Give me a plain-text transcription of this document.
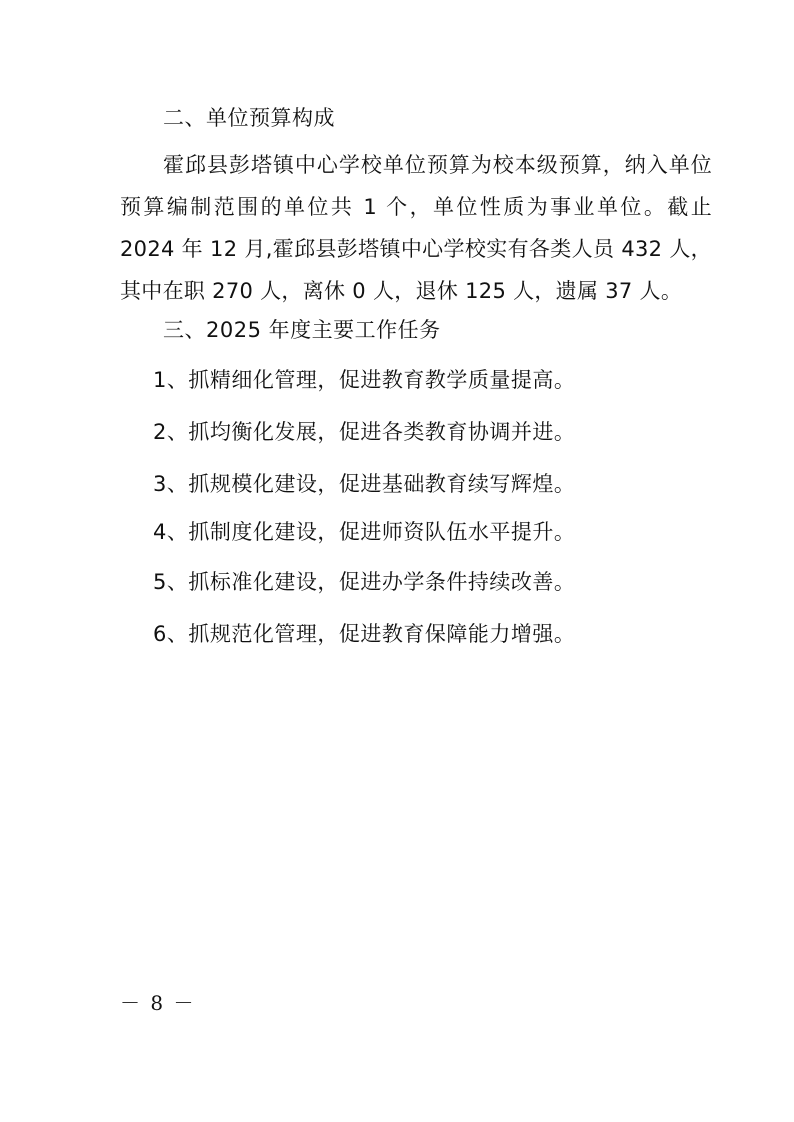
二、单位预算构成
霍邱县彭塔镇中心学校单位预算为校本级预算，纳入单位预算编制范围的单位共 1 个，单位性质为事业单位。截止 2024 年 12 月,霍邱县彭塔镇中心学校实有各类人员 432 人，其中在职 270 人，离休 0 人，退休 125 人，遗属 37 人。
三、2025 年度主要工作任务
1、抓精细化管理，促进教育教学质量提高。
2、抓均衡化发展，促进各类教育协调并进。
3、抓规模化建设，促进基础教育续写辉煌。
4、抓制度化建设，促进师资队伍水平提升。
5、抓标准化建设，促进办学条件持续改善。
6、抓规范化管理，促进教育保障能力增强。
－ 8 －
